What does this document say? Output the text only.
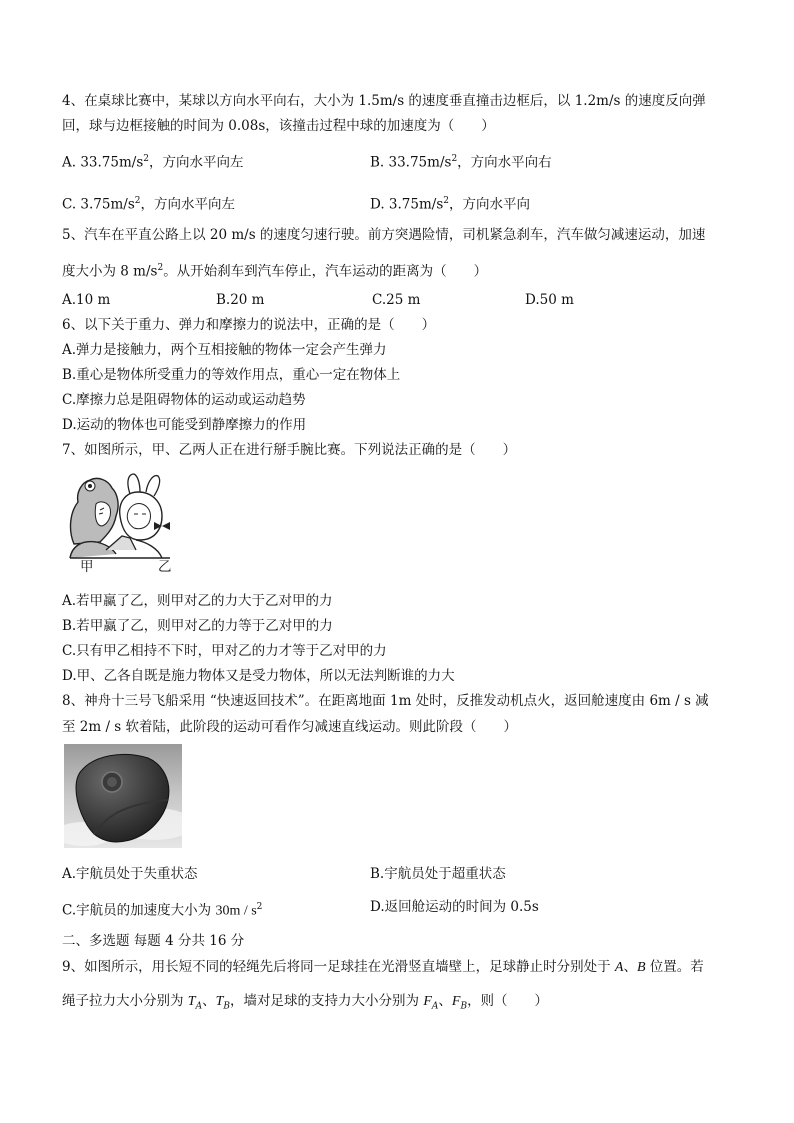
4、在桌球比赛中，某球以方向水平向右，大小为 1.5m/s 的速度垂直撞击边框后，以 1.2m/s 的速度反向弹
回，球与边框接触的时间为 0.08s，该撞击过程中球的加速度为（　　）
A. $33.75m/s^2$，方向水平向左	B. $33.75m/s^2$，方向水平向右
C. $3.75m/s^2$，方向水平向左	D. $3.75m/s^2$，方向水平向
5、汽车在平直公路上以 20 m/s 的速度匀速行驶。前方突遇险情，司机紧急刹车，汽车做匀减速运动，加速
度大小为 8 $m/s^2$。从开始刹车到汽车停止，汽车运动的距离为（　　）
A.10 m	B.20 m	C.25 m	D.50 m
6、以下关于重力、弹力和摩擦力的说法中，正确的是（　　）
A.弹力是接触力，两个互相接触的物体一定会产生弹力
B.重心是物体所受重力的等效作用点，重心一定在物体上
C.摩擦力总是阻碍物体的运动或运动趋势
D.运动的物体也可能受到静摩擦力的作用
7、如图所示，甲、乙两人正在进行掰手腕比赛。下列说法正确的是（　　）
甲	乙
A.若甲赢了乙，则甲对乙的力大于乙对甲的力
B.若甲赢了乙，则甲对乙的力等于乙对甲的力
C.只有甲乙相持不下时，甲对乙的力才等于乙对甲的力
D.甲、乙各自既是施力物体又是受力物体，所以无法判断谁的力大
8、神舟十三号飞船采用 “快速返回技术”。在距离地面 1m 处时，反推发动机点火，返回舱速度由 6m / s 减
至 2m / s 软着陆，此阶段的运动可看作匀减速直线运动。则此阶段（　　）
A.宇航员处于失重状态	B.宇航员处于超重状态
C.宇航员的加速度大小为 $30m / s^2$	D.返回舱运动的时间为 0.5s
二、多选题 每题 4 分共 16 分
9、如图所示，用长短不同的轻绳先后将同一足球挂在光滑竖直墙壁上，足球静止时分别处于 A、B 位置。若
绳子拉力大小分别为 $T_A$、$T_B$，墙对足球的支持力大小分别为 $F_A$、$F_B$，则（　　）
